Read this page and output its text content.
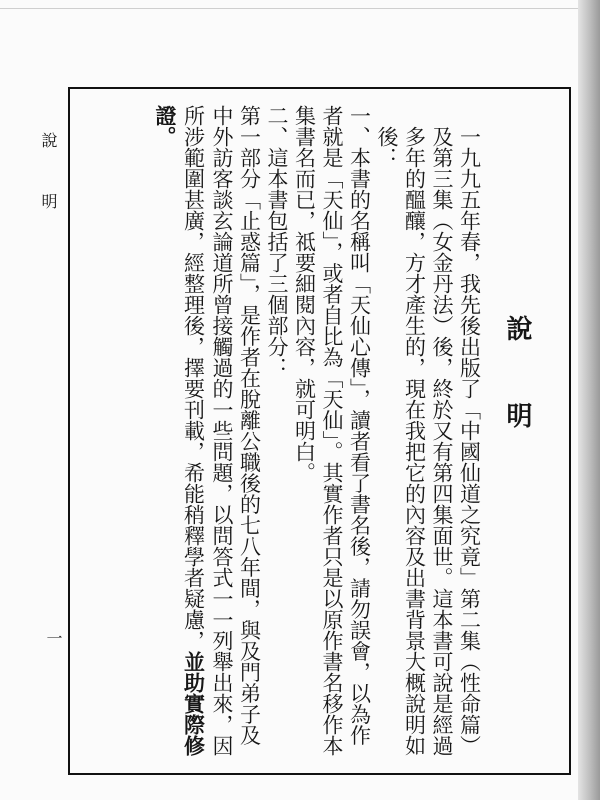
說 明
一

說 明

一九九五年春，我先後出版了「中國仙道之究竟」第二集（性命篇）及第三集（女金丹法）後，終於又有第四集面世。這本書可說是經過多年的醞釀，方才產生的，現在我把它的內容及出書背景大概說明如後：

一、本書的名稱叫「天仙心傳」，讀者看了書名後，請勿誤會，以為作者就是「天仙」，或者自比為「天仙」。其實作者只是以原作書名移作本集書名而已，祗要細閱內容，就可明白。

二、這本書包括了三個部分：

第一部分「止惑篇」，是作者在脫離公職後的七八年間，與及門弟子及中外訪客談玄論道所曾接觸過的一些問題，以問答式一一列舉出來，因所涉範圍甚廣，經整理後，擇要刊載，希能稍釋學者疑慮，並助實際修證。
